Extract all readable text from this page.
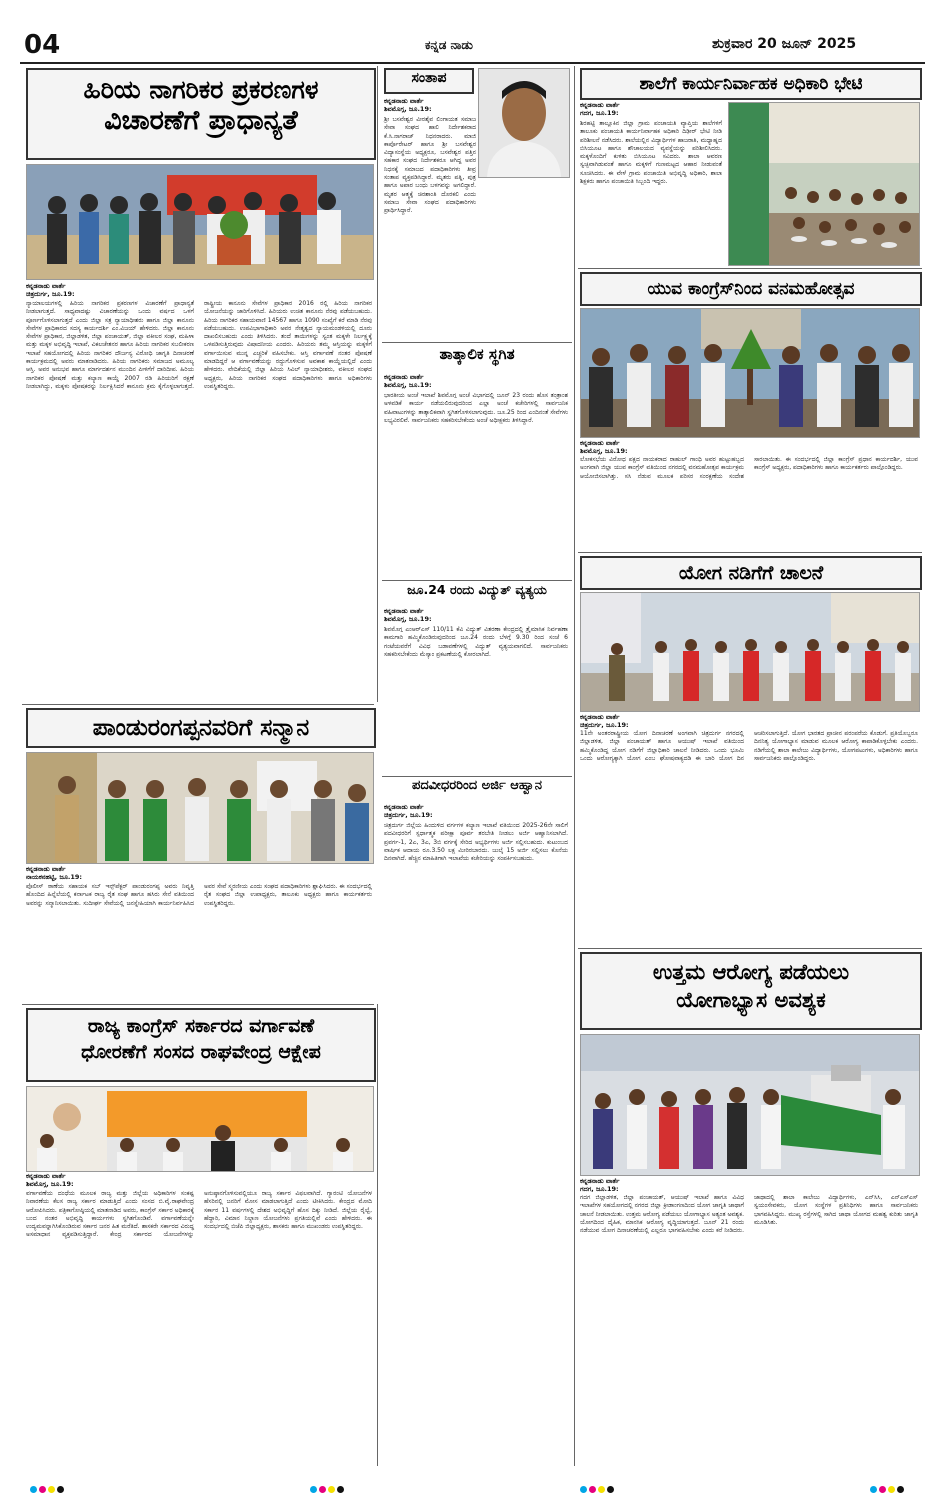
04	ಕನ್ನಡ ನಾಡು	ಶುಕ್ರವಾರ 20 ಜೂನ್ 2025
ಹಿರಿಯ ನಾಗರಿಕರ ಪ್ರಕರಣಗಳ
ವಿಚಾರಣೆಗೆ ಪ್ರಾಧಾನ್ಯತೆ
ಕನ್ನಡನಾಡು ವಾರ್ತೆ
ಚಿತ್ರದುರ್ಗ, ಜೂ.19:
ನ್ಯಾಯಾಲಯಗಳಲ್ಲಿ ಹಿರಿಯ ನಾಗರಿಕರ ಪ್ರಕರಣಗಳ ವಿಚಾರಣೆಗೆ ಪ್ರಾಧಾನ್ಯತೆ ನೀಡಲಾಗುತ್ತದೆ. ಸಾಧ್ಯವಾದಷ್ಟು ವಿಚಾರಣೆಯನ್ನು ಒಂದು ವರ್ಷದ ಒಳಗೆ ಪೂರ್ಣಗೊಳಿಸಲಾಗುತ್ತದೆ ಎಂದು ಜಿಲ್ಲಾ ಸತ್ರ ನ್ಯಾಯಾಧೀಶರು ಹಾಗೂ ಜಿಲ್ಲಾ ಕಾನೂನು ಸೇವೆಗಳ ಪ್ರಾಧಿಕಾರದ ಸದಸ್ಯ ಕಾರ್ಯದರ್ಶಿ ಎಂ.ವಿಜಯ್ ಹೇಳಿದರು. ಜಿಲ್ಲಾ ಕಾನೂನು ಸೇವೆಗಳ ಪ್ರಾಧಿಕಾರ, ಜಿಲ್ಲಾಡಳಿತ, ಜಿಲ್ಲಾ ಪಂಚಾಯತ್, ಜಿಲ್ಲಾ ವಕೀಲರ ಸಂಘ, ಮಹಿಳಾ ಮತ್ತು ಮಕ್ಕಳ ಅಭಿವೃದ್ಧಿ ಇಲಾಖೆ, ವಿಕಲಚೇತನರ ಹಾಗೂ ಹಿರಿಯ ನಾಗರಿಕರ ಸಬಲೀಕರಣ ಇಲಾಖೆ ಸಹಯೋಗದಲ್ಲಿ ಹಿರಿಯ ನಾಗರಿಕರ ದೌರ್ಜನ್ಯ ವಿರೋಧಿ ಜಾಗೃತಿ ದಿನಾಚರಣೆ ಕಾರ್ಯಕ್ರಮದಲ್ಲಿ ಅವರು ಮಾತನಾಡಿದರು. ಹಿರಿಯ ನಾಗರಿಕರು ಸಮಾಜದ ಅಮೂಲ್ಯ ಆಸ್ತಿ. ಅವರ ಅನುಭವ ಹಾಗೂ ಮಾರ್ಗದರ್ಶನ ಮುಂದಿನ ಪೀಳಿಗೆಗೆ ದಾರಿದೀಪ. ಹಿರಿಯ ನಾಗರಿಕರ ಪೋಷಣೆ ಮತ್ತು ಕಲ್ಯಾಣ ಕಾಯ್ದೆ 2007 ರಡಿ ಹಿರಿಯರಿಗೆ ರಕ್ಷಣೆ ನೀಡಲಾಗಿದ್ದು, ಮಕ್ಕಳು ಪೋಷಕರನ್ನು ನಿರ್ಲಕ್ಷಿಸಿದರೆ ಕಾನೂನು ಕ್ರಮ ಕೈಗೊಳ್ಳಲಾಗುತ್ತದೆ. ರಾಷ್ಟ್ರೀಯ ಕಾನೂನು ಸೇವೆಗಳ ಪ್ರಾಧಿಕಾರ 2016 ರಲ್ಲಿ ಹಿರಿಯ ನಾಗರಿಕರ ಯೋಜನೆಯನ್ನು ಜಾರಿಗೊಳಿಸಿದೆ. ಹಿರಿಯರು ಉಚಿತ ಕಾನೂನು ನೆರವು ಪಡೆಯಬಹುದು. ಹಿರಿಯ ನಾಗರಿಕರ ಸಹಾಯವಾಣಿ 14567 ಹಾಗೂ 1090 ಸಂಖ್ಯೆಗೆ ಕರೆ ಮಾಡಿ ನೆರವು ಪಡೆಯಬಹುದು. ಉಪವಿಭಾಗಾಧಿಕಾರಿ ಅವರ ನೇತೃತ್ವದ ನ್ಯಾಯಮಂಡಳಿಯಲ್ಲಿ ದೂರು ದಾಖಲಿಸಬಹುದು ಎಂದು ತಿಳಿಸಿದರು. ತಂದೆ ತಾಯಿಗಳನ್ನು ಸ್ವಂತ ಮಕ್ಕಳೇ ನಿರ್ಲಕ್ಷ್ಯಕ್ಕೆ ಒಳಪಡಿಸುತ್ತಿರುವುದು ವಿಷಾದನೀಯ ಎಂದರು. ಹಿರಿಯರು ತಮ್ಮ ಆಸ್ತಿಯನ್ನು ಮಕ್ಕಳಿಗೆ ವರ್ಗಾಯಿಸುವ ಮುನ್ನ ಎಚ್ಚರಿಕೆ ವಹಿಸಬೇಕು. ಆಸ್ತಿ ವರ್ಗಾವಣೆ ನಂತರ ಪೋಷಣೆ ಮಾಡದಿದ್ದರೆ ಆ ವರ್ಗಾವಣೆಯನ್ನು ರದ್ದುಗೊಳಿಸುವ ಅವಕಾಶ ಕಾಯ್ದೆಯಲ್ಲಿದೆ ಎಂದು ಹೇಳಿದರು. ವೇದಿಕೆಯಲ್ಲಿ ಜಿಲ್ಲಾ ಹಿರಿಯ ಸಿವಿಲ್ ನ್ಯಾಯಾಧೀಶರು, ವಕೀಲರ ಸಂಘದ ಅಧ್ಯಕ್ಷರು, ಹಿರಿಯ ನಾಗರಿಕರ ಸಂಘದ ಪದಾಧಿಕಾರಿಗಳು ಹಾಗೂ ಅಧಿಕಾರಿಗಳು ಉಪಸ್ಥಿತರಿದ್ದರು.
ಸಂತಾಪ
ಕನ್ನಡನಾಡು ವಾರ್ತೆ
ಶಿವಮೊಗ್ಗ, ಜೂ.19:
ಶ್ರೀ ಬಸವೇಶ್ವರ ವೀರಶೈವ ಲಿಂಗಾಯತ ಸಮಾಜ ಸೇವಾ ಸಂಘದ ಹಾಲಿ ನಿರ್ದೇಶಕರಾದ ಕೆ.ಸಿ.ನಾಗರಾಜ್ ನಿಧನರಾದರು. ಮಾಜಿ ಕಾರ್ಪೊರೇಟರ್ ಹಾಗೂ ಶ್ರೀ ಬಸವೇಶ್ವರ ವಿದ್ಯಾಸಂಸ್ಥೆಯ ಅಧ್ಯಕ್ಷರೂ, ಬಸವೇಶ್ವರ ಪತ್ತಿನ ಸಹಕಾರ ಸಂಘದ ನಿರ್ದೇಶಕರೂ ಆಗಿದ್ದ ಅವರ ನಿಧನಕ್ಕೆ ಸಮಾಜದ ಪದಾಧಿಕಾರಿಗಳು ತೀವ್ರ ಸಂತಾಪ ವ್ಯಕ್ತಪಡಿಸಿದ್ದಾರೆ. ಮೃತರು ಪತ್ನಿ, ಪುತ್ರ ಹಾಗೂ ಅಪಾರ ಬಂಧು ಬಳಗವನ್ನು ಅಗಲಿದ್ದಾರೆ. ಮೃತರ ಆತ್ಮಕ್ಕೆ ಚಿರಶಾಂತಿ ದೊರಕಲಿ ಎಂದು ಸಮಾಜ ಸೇವಾ ಸಂಘದ ಪದಾಧಿಕಾರಿಗಳು ಪ್ರಾರ್ಥಿಸಿದ್ದಾರೆ.
ತಾತ್ಕಾಲಿಕ ಸ್ಥಗಿತ
ಕನ್ನಡನಾಡು ವಾರ್ತೆ
ಶಿವಮೊಗ್ಗ, ಜೂ.19:
ಭಾರತೀಯ ಅಂಚೆ ಇಲಾಖೆ ಶಿವಮೊಗ್ಗ ಅಂಚೆ ವಿಭಾಗದಲ್ಲಿ ಜೂನ್ 23 ರಂದು ಹೊಸ ತಂತ್ರಾಂಶ ಅಳವಡಿಕೆ ಕಾರ್ಯ ನಡೆಯಲಿರುವುದರಿಂದ ಎಲ್ಲಾ ಅಂಚೆ ಕಚೇರಿಗಳಲ್ಲಿ ಸಾರ್ವಜನಿಕ ವಹಿವಾಟುಗಳನ್ನು ತಾತ್ಕಾಲಿಕವಾಗಿ ಸ್ಥಗಿತಗೊಳಿಸಲಾಗುವುದು. ಜೂ.25 ರಿಂದ ಎಂದಿನಂತೆ ಸೇವೆಗಳು ಲಭ್ಯವಿರಲಿವೆ. ಸಾರ್ವಜನಿಕರು ಸಹಕರಿಸಬೇಕೆಂದು ಅಂಚೆ ಅಧೀಕ್ಷಕರು ತಿಳಿಸಿದ್ದಾರೆ.
ಜೂ.24 ರಂದು ವಿದ್ಯುತ್ ವ್ಯತ್ಯಯ
ಕನ್ನಡನಾಡು ವಾರ್ತೆ
ಶಿವಮೊಗ್ಗ, ಜೂ.19:
ಶಿವಮೊಗ್ಗ ಎಂಆರ್‌ಎಸ್ 110/11 ಕೆವಿ ವಿದ್ಯುತ್ ವಿತರಣಾ ಕೇಂದ್ರದಲ್ಲಿ ತ್ರೈಮಾಸಿಕ ನಿರ್ವಹಣಾ ಕಾಮಗಾರಿ ಹಮ್ಮಿಕೊಂಡಿರುವುದರಿಂದ ಜೂ.24 ರಂದು ಬೆಳಗ್ಗೆ 9.30 ರಿಂದ ಸಂಜೆ 6 ಗಂಟೆಯವರೆಗೆ ವಿವಿಧ ಬಡಾವಣೆಗಳಲ್ಲಿ ವಿದ್ಯುತ್ ವ್ಯತ್ಯಯವಾಗಲಿದೆ. ಸಾರ್ವಜನಿಕರು ಸಹಕರಿಸಬೇಕೆಂದು ಮೆಸ್ಕಾಂ ಪ್ರಕಟಣೆಯಲ್ಲಿ ಕೋರಲಾಗಿದೆ.
ಪದವೀಧರರಿಂದ ಅರ್ಜಿ ಆಹ್ವಾನ
ಕನ್ನಡನಾಡು ವಾರ್ತೆ
ಚಿತ್ರದುರ್ಗ, ಜೂ.19:
ಚಿತ್ರದುರ್ಗ ಜಿಲ್ಲೆಯ ಹಿಂದುಳಿದ ವರ್ಗಗಳ ಕಲ್ಯಾಣ ಇಲಾಖೆ ವತಿಯಿಂದ 2025-26ನೇ ಸಾಲಿಗೆ ಪದವೀಧರರಿಗೆ ಸ್ಪರ್ಧಾತ್ಮಕ ಪರೀಕ್ಷಾ ಪೂರ್ವ ತರಬೇತಿ ನೀಡಲು ಅರ್ಜಿ ಆಹ್ವಾನಿಸಲಾಗಿದೆ. ಪ್ರವರ್ಗ-1, 2ಎ, 3ಎ, 3ಬಿ ವರ್ಗಕ್ಕೆ ಸೇರಿದ ಅಭ್ಯರ್ಥಿಗಳು ಅರ್ಜಿ ಸಲ್ಲಿಸಬಹುದು. ಕುಟುಂಬದ ವಾರ್ಷಿಕ ಆದಾಯ ರೂ.3.50 ಲಕ್ಷ ಮೀರಿರಬಾರದು. ಜುಲೈ 15 ಅರ್ಜಿ ಸಲ್ಲಿಸಲು ಕೊನೆಯ ದಿನವಾಗಿದೆ. ಹೆಚ್ಚಿನ ಮಾಹಿತಿಗಾಗಿ ಇಲಾಖೆಯ ಕಚೇರಿಯನ್ನು ಸಂಪರ್ಕಿಸಬಹುದು.
ಪಾಂಡುರಂಗಪ್ಪನವರಿಗೆ ಸನ್ಮಾನ
ಕನ್ನಡನಾಡು ವಾರ್ತೆ
ನಾಯಕನಹಟ್ಟಿ, ಜೂ.19:
ಪೊಲೀಸ್ ಠಾಣೆಯ ಸಹಾಯಕ ಸಬ್ ಇನ್ಸ್‌ಪೆಕ್ಟರ್ ಪಾಂಡುರಂಗಪ್ಪ ಅವರು ನಿವೃತ್ತಿ ಹೊಂದಿದ ಹಿನ್ನೆಲೆಯಲ್ಲಿ ಕರ್ನಾಟಕ ರಾಜ್ಯ ರೈತ ಸಂಘ ಹಾಗೂ ಹಸಿರು ಸೇನೆ ವತಿಯಿಂದ ಅವರನ್ನು ಸನ್ಮಾನಿಸಲಾಯಿತು. ಸುದೀರ್ಘ ಸೇವೆಯಲ್ಲಿ ಜನಸ್ನೇಹಿಯಾಗಿ ಕಾರ್ಯನಿರ್ವಹಿಸಿದ ಅವರ ಸೇವೆ ಸ್ಮರಣೀಯ ಎಂದು ಸಂಘದ ಪದಾಧಿಕಾರಿಗಳು ಶ್ಲಾಘಿಸಿದರು. ಈ ಸಂದರ್ಭದಲ್ಲಿ ರೈತ ಸಂಘದ ಜಿಲ್ಲಾ ಉಪಾಧ್ಯಕ್ಷರು, ತಾಲೂಕು ಅಧ್ಯಕ್ಷರು ಹಾಗೂ ಕಾರ್ಯಕರ್ತರು ಉಪಸ್ಥಿತರಿದ್ದರು.
ರಾಜ್ಯ ಕಾಂಗ್ರೆಸ್ ಸರ್ಕಾರದ ವರ್ಗಾವಣೆ
ಧೋರಣೆಗೆ ಸಂಸದ ರಾಘವೇಂದ್ರ ಆಕ್ಷೇಪ
ಕನ್ನಡನಾಡು ವಾರ್ತೆ
ಶಿವಮೊಗ್ಗ, ಜೂ.19:
ವರ್ಗಾವಣೆಯ ದಂಧೆಯ ಮೂಲಕ ರಾಜ್ಯ ಮತ್ತು ಜಿಲ್ಲೆಯ ಅಧಿಕಾರಿಗಳ ಸಂಕಷ್ಟ ನಿವಾರಣೆಯ ಕೆಲಸ ರಾಜ್ಯ ಸರ್ಕಾರ ಮಾಡುತ್ತಿದೆ ಎಂದು ಸಂಸದ ಬಿ.ವೈ.ರಾಘವೇಂದ್ರ ಆರೋಪಿಸಿದರು. ಪತ್ರಿಕಾಗೋಷ್ಠಿಯಲ್ಲಿ ಮಾತನಾಡಿದ ಅವರು, ಕಾಂಗ್ರೆಸ್ ಸರ್ಕಾರ ಅಧಿಕಾರಕ್ಕೆ ಬಂದ ನಂತರ ಅಭಿವೃದ್ಧಿ ಕಾರ್ಯಗಳು ಸ್ಥಗಿತಗೊಂಡಿವೆ. ವರ್ಗಾವಣೆಯನ್ನೇ ಉದ್ಯಮವನ್ನಾಗಿಸಿಕೊಂಡಿರುವ ಸರ್ಕಾರ ಜನರ ಹಿತ ಮರೆತಿದೆ. ಶಾಸಕರೇ ಸರ್ಕಾರದ ವಿರುದ್ಧ ಅಸಮಾಧಾನ ವ್ಯಕ್ತಪಡಿಸುತ್ತಿದ್ದಾರೆ. ಕೇಂದ್ರ ಸರ್ಕಾರದ ಯೋಜನೆಗಳನ್ನು ಅನುಷ್ಠಾನಗೊಳಿಸುವಲ್ಲಿಯೂ ರಾಜ್ಯ ಸರ್ಕಾರ ವಿಫಲವಾಗಿದೆ. ಗ್ಯಾರಂಟಿ ಯೋಜನೆಗಳ ಹೆಸರಿನಲ್ಲಿ ಜನರಿಗೆ ಮೋಸ ಮಾಡಲಾಗುತ್ತಿದೆ ಎಂದು ಟೀಕಿಸಿದರು. ಕೇಂದ್ರದ ಮೋದಿ ಸರ್ಕಾರ 11 ವರ್ಷಗಳಲ್ಲಿ ದೇಶದ ಅಭಿವೃದ್ಧಿಗೆ ಹೊಸ ದಿಕ್ಕು ನೀಡಿದೆ. ಜಿಲ್ಲೆಯ ರೈಲ್ವೆ, ಹೆದ್ದಾರಿ, ವಿಮಾನ ನಿಲ್ದಾಣ ಯೋಜನೆಗಳು ಪ್ರಗತಿಯಲ್ಲಿವೆ ಎಂದು ಹೇಳಿದರು. ಈ ಸಂದರ್ಭದಲ್ಲಿ ಬಿಜೆಪಿ ಜಿಲ್ಲಾಧ್ಯಕ್ಷರು, ಶಾಸಕರು ಹಾಗೂ ಮುಖಂಡರು ಉಪಸ್ಥಿತರಿದ್ದರು.
ಶಾಲೆಗೆ ಕಾರ್ಯನಿರ್ವಾಹಕ ಅಧಿಕಾರಿ ಭೇಟಿ
ಕನ್ನಡನಾಡು ವಾರ್ತೆ
ಗದಗ, ಜೂ.19:
ಶಿರಹಟ್ಟಿ ತಾಲ್ಲೂಕಿನ ಜಿಲ್ಲಾ ಗ್ರಾಮ ಪಂಚಾಯತಿ ವ್ಯಾಪ್ತಿಯ ಶಾಲೆಗಳಿಗೆ ತಾಲೂಕು ಪಂಚಾಯತಿ ಕಾರ್ಯನಿರ್ವಾಹಕ ಅಧಿಕಾರಿ ದಿಢೀರ್ ಭೇಟಿ ನೀಡಿ ಪರಿಶೀಲನೆ ನಡೆಸಿದರು. ಶಾಲೆಯಲ್ಲಿನ ವಿದ್ಯಾರ್ಥಿಗಳ ಹಾಜರಾತಿ, ಮಧ್ಯಾಹ್ನದ ಬಿಸಿಯೂಟ ಹಾಗೂ ಶೌಚಾಲಯದ ವ್ಯವಸ್ಥೆಯನ್ನು ಪರಿಶೀಲಿಸಿದರು. ಮಕ್ಕಳೊಂದಿಗೆ ಕುಳಿತು ಬಿಸಿಯೂಟ ಸವಿದರು. ಶಾಲಾ ಆವರಣ ಸ್ವಚ್ಛವಾಗಿಡುವಂತೆ ಹಾಗೂ ಮಕ್ಕಳಿಗೆ ಗುಣಮಟ್ಟದ ಆಹಾರ ನೀಡುವಂತೆ ಸೂಚಿಸಿದರು. ಈ ವೇಳೆ ಗ್ರಾಮ ಪಂಚಾಯಿತಿ ಅಭಿವೃದ್ಧಿ ಅಧಿಕಾರಿ, ಶಾಲಾ ಶಿಕ್ಷಕರು ಹಾಗೂ ಪಂಚಾಯಿತಿ ಸಿಬ್ಬಂದಿ ಇದ್ದರು.
ಯುವ ಕಾಂಗ್ರೆಸ್‌ನಿಂದ ವನಮಹೋತ್ಸವ
ಕನ್ನಡನಾಡು ವಾರ್ತೆ
ಶಿವಮೊಗ್ಗ, ಜೂ.19:
ಲೋಕಸಭೆಯ ವಿರೋಧ ಪಕ್ಷದ ನಾಯಕರಾದ ರಾಹುಲ್ ಗಾಂಧಿ ಅವರ ಹುಟ್ಟುಹಬ್ಬದ ಅಂಗವಾಗಿ ಜಿಲ್ಲಾ ಯುವ ಕಾಂಗ್ರೆಸ್ ವತಿಯಿಂದ ನಗರದಲ್ಲಿ ವನಮಹೋತ್ಸವ ಕಾರ್ಯಕ್ರಮ ಆಯೋಜಿಸಲಾಗಿತ್ತು. ಸಸಿ ನೆಡುವ ಮೂಲಕ ಪರಿಸರ ಸಂರಕ್ಷಣೆಯ ಸಂದೇಶ ಸಾರಲಾಯಿತು. ಈ ಸಂದರ್ಭದಲ್ಲಿ ಜಿಲ್ಲಾ ಕಾಂಗ್ರೆಸ್ ಪ್ರಧಾನ ಕಾರ್ಯದರ್ಶಿ, ಯುವ ಕಾಂಗ್ರೆಸ್ ಅಧ್ಯಕ್ಷರು, ಪದಾಧಿಕಾರಿಗಳು ಹಾಗೂ ಕಾರ್ಯಕರ್ತರು ಪಾಲ್ಗೊಂಡಿದ್ದರು.
ಯೋಗ ನಡಿಗೆಗೆ ಚಾಲನೆ
ಕನ್ನಡನಾಡು ವಾರ್ತೆ
ಚಿತ್ರದುರ್ಗ, ಜೂ.19:
11ನೇ ಅಂತರರಾಷ್ಟ್ರೀಯ ಯೋಗ ದಿನಾಚರಣೆ ಅಂಗವಾಗಿ ಚಿತ್ರದುರ್ಗ ನಗರದಲ್ಲಿ ಜಿಲ್ಲಾಡಳಿತ, ಜಿಲ್ಲಾ ಪಂಚಾಯತ್ ಹಾಗೂ ಆಯುಷ್ ಇಲಾಖೆ ವತಿಯಿಂದ ಹಮ್ಮಿಕೊಂಡಿದ್ದ ಯೋಗ ನಡಿಗೆಗೆ ಜಿಲ್ಲಾಧಿಕಾರಿ ಚಾಲನೆ ನೀಡಿದರು. ಒಂದು ಭೂಮಿ ಒಂದು ಆರೋಗ್ಯಕ್ಕಾಗಿ ಯೋಗ ಎಂಬ ಘೋಷವಾಕ್ಯದಡಿ ಈ ಬಾರಿ ಯೋಗ ದಿನ ಆಚರಿಸಲಾಗುತ್ತಿದೆ. ಯೋಗ ಭಾರತದ ಪ್ರಾಚೀನ ಪರಂಪರೆಯ ಕೊಡುಗೆ. ಪ್ರತಿಯೊಬ್ಬರೂ ದಿನನಿತ್ಯ ಯೋಗಾಭ್ಯಾಸ ಮಾಡುವ ಮೂಲಕ ಆರೋಗ್ಯ ಕಾಪಾಡಿಕೊಳ್ಳಬೇಕು ಎಂದರು. ನಡಿಗೆಯಲ್ಲಿ ಶಾಲಾ ಕಾಲೇಜು ವಿದ್ಯಾರ್ಥಿಗಳು, ಯೋಗಪಟುಗಳು, ಅಧಿಕಾರಿಗಳು ಹಾಗೂ ಸಾರ್ವಜನಿಕರು ಪಾಲ್ಗೊಂಡಿದ್ದರು.
ಉತ್ತಮ ಆರೋಗ್ಯ ಪಡೆಯಲು
ಯೋಗಾಭ್ಯಾಸ ಅವಶ್ಯಕ
ಕನ್ನಡನಾಡು ವಾರ್ತೆ
ಗದಗ, ಜೂ.19:
ಗದಗ ಜಿಲ್ಲಾಡಳಿತ, ಜಿಲ್ಲಾ ಪಂಚಾಯತ್, ಆಯುಷ್ ಇಲಾಖೆ ಹಾಗೂ ವಿವಿಧ ಇಲಾಖೆಗಳ ಸಹಯೋಗದಲ್ಲಿ ನಗರದ ಜಿಲ್ಲಾ ಕ್ರೀಡಾಂಗಣದಿಂದ ಯೋಗ ಜಾಗೃತಿ ಜಾಥಾಗೆ ಚಾಲನೆ ನೀಡಲಾಯಿತು. ಉತ್ತಮ ಆರೋಗ್ಯ ಪಡೆಯಲು ಯೋಗಾಭ್ಯಾಸ ಅತ್ಯಂತ ಅವಶ್ಯಕ. ಯೋಗದಿಂದ ದೈಹಿಕ, ಮಾನಸಿಕ ಆರೋಗ್ಯ ವೃದ್ಧಿಯಾಗುತ್ತದೆ. ಜೂನ್ 21 ರಂದು ನಡೆಯುವ ಯೋಗ ದಿನಾಚರಣೆಯಲ್ಲಿ ಎಲ್ಲರೂ ಭಾಗವಹಿಸಬೇಕು ಎಂದು ಕರೆ ನೀಡಿದರು. ಜಾಥಾದಲ್ಲಿ ಶಾಲಾ ಕಾಲೇಜು ವಿದ್ಯಾರ್ಥಿಗಳು, ಎನ್‌ಸಿಸಿ, ಎನ್‌ಎಸ್‌ಎಸ್ ಸ್ವಯಂಸೇವಕರು, ಯೋಗ ಸಂಸ್ಥೆಗಳ ಪ್ರತಿನಿಧಿಗಳು ಹಾಗೂ ಸಾರ್ವಜನಿಕರು ಭಾಗವಹಿಸಿದ್ದರು. ಮುಖ್ಯ ರಸ್ತೆಗಳಲ್ಲಿ ಸಾಗಿದ ಜಾಥಾ ಯೋಗದ ಮಹತ್ವ ಕುರಿತು ಜಾಗೃತಿ ಮೂಡಿಸಿತು.
